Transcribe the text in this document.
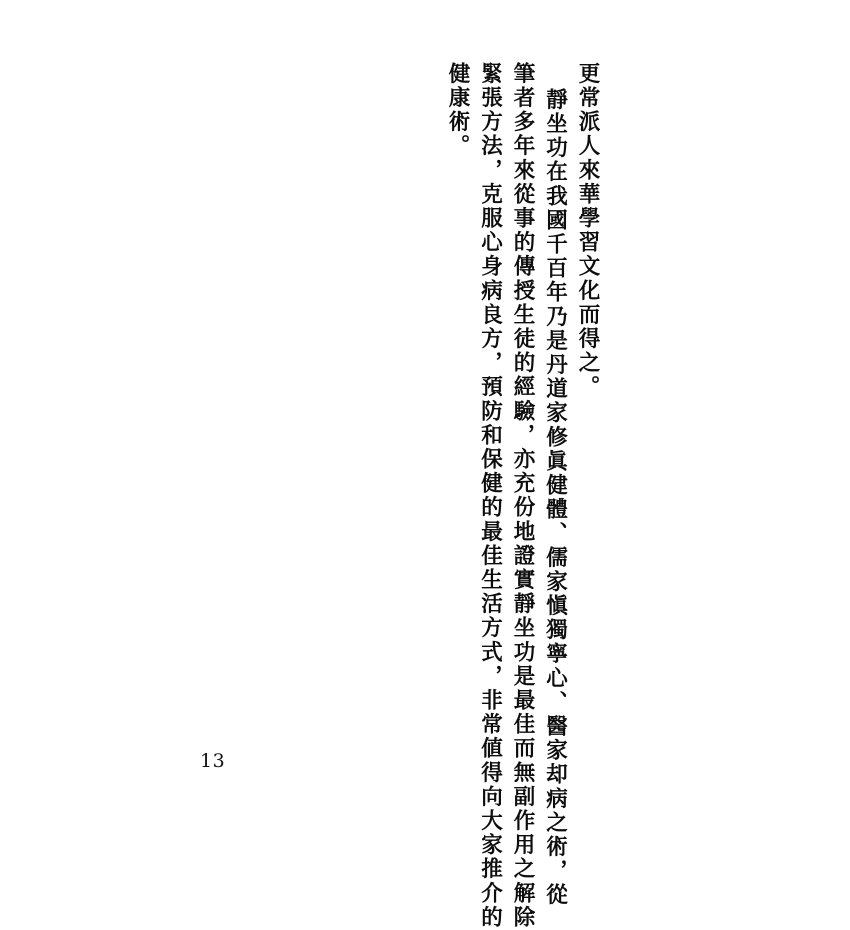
更常派人來華學習文化而得之。
靜坐功在我國千百年乃是丹道家修眞健體、儒家愼獨寧心、醫家却病之術，從
筆者多年來從事的傳授生徒的經驗，亦充份地證實靜坐功是最佳而無副作用之解除
緊張方法，克服心身病良方，預防和保健的最佳生活方式，非常値得向大家推介的
健康術。
13
